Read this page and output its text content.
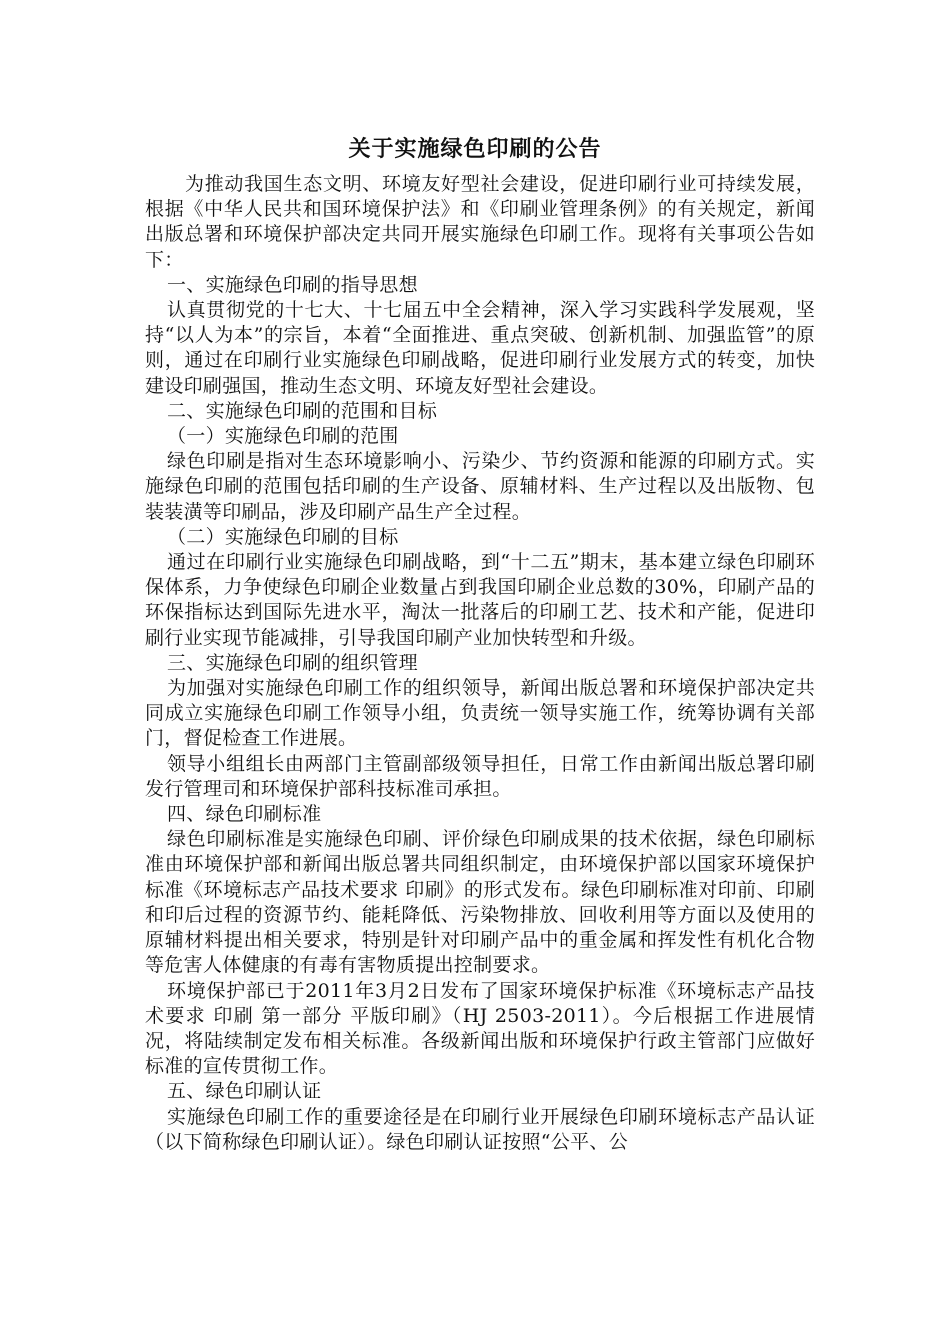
关于实施绿色印刷的公告

为推动我国生态文明、环境友好型社会建设，促进印刷行业可持续发展，根据《中华人民共和国环境保护法》和《印刷业管理条例》的有关规定，新闻出版总署和环境保护部决定共同开展实施绿色印刷工作。现将有关事项公告如下：

一、实施绿色印刷的指导思想

认真贯彻党的十七大、十七届五中全会精神，深入学习实践科学发展观，坚持“以人为本”的宗旨，本着“全面推进、重点突破、创新机制、加强监管”的原则，通过在印刷行业实施绿色印刷战略，促进印刷行业发展方式的转变，加快建设印刷强国，推动生态文明、环境友好型社会建设。

二、实施绿色印刷的范围和目标

（一）实施绿色印刷的范围

绿色印刷是指对生态环境影响小、污染少、节约资源和能源的印刷方式。实施绿色印刷的范围包括印刷的生产设备、原辅材料、生产过程以及出版物、包装装潢等印刷品，涉及印刷产品生产全过程。

（二）实施绿色印刷的目标

通过在印刷行业实施绿色印刷战略，到“十二五”期末，基本建立绿色印刷环保体系，力争使绿色印刷企业数量占到我国印刷企业总数的30%，印刷产品的环保指标达到国际先进水平，淘汰一批落后的印刷工艺、技术和产能，促进印刷行业实现节能减排，引导我国印刷产业加快转型和升级。

三、实施绿色印刷的组织管理

为加强对实施绿色印刷工作的组织领导，新闻出版总署和环境保护部决定共同成立实施绿色印刷工作领导小组，负责统一领导实施工作，统筹协调有关部门，督促检查工作进展。

领导小组组长由两部门主管副部级领导担任，日常工作由新闻出版总署印刷发行管理司和环境保护部科技标准司承担。

四、绿色印刷标准

绿色印刷标准是实施绿色印刷、评价绿色印刷成果的技术依据，绿色印刷标准由环境保护部和新闻出版总署共同组织制定，由环境保护部以国家环境保护标准《环境标志产品技术要求 印刷》的形式发布。绿色印刷标准对印前、印刷和印后过程的资源节约、能耗降低、污染物排放、回收利用等方面以及使用的原辅材料提出相关要求，特别是针对印刷产品中的重金属和挥发性有机化合物等危害人体健康的有毒有害物质提出控制要求。

环境保护部已于2011年3月2日发布了国家环境保护标准《环境标志产品技术要求 印刷 第一部分 平版印刷》（HJ 2503-2011）。今后根据工作进展情况，将陆续制定发布相关标准。各级新闻出版和环境保护行政主管部门应做好标准的宣传贯彻工作。

五、绿色印刷认证

实施绿色印刷工作的重要途径是在印刷行业开展绿色印刷环境标志产品认证（以下简称绿色印刷认证）。绿色印刷认证按照“公平、公
